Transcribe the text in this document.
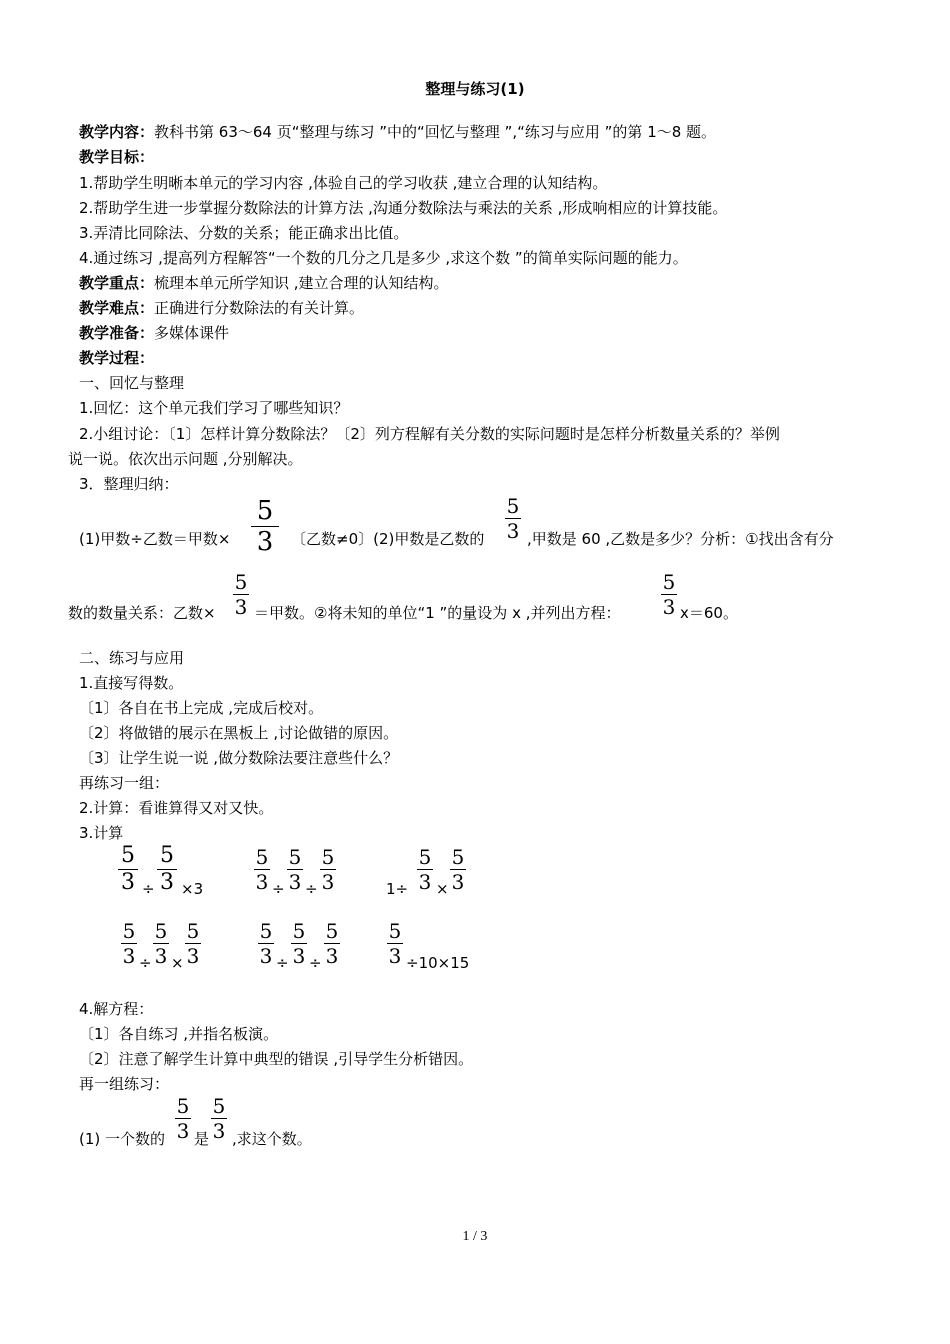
整理与练习(1)
教学内容：教科书第 63～64 页“整理与练习 ”中的“回忆与整理 ”,“练习与应用 ”的第 1～8 题。
教学目标：
1.帮助学生明晰本单元的学习内容 ,体验自己的学习收获 ,建立合理的认知结构。
2.帮助学生进一步掌握分数除法的计算方法 ,沟通分数除法与乘法的关系 ,形成响相应的计算技能。
3.弄清比同除法、分数的关系；能正确求出比值。
4.通过练习 ,提高列方程解答“一个数的几分之几是多少 ,求这个数 ”的简单实际问题的能力。
教学重点：梳理本单元所学知识 ,建立合理的认知结构。
教学难点：正确进行分数除法的有关计算。
教学准备：多媒体课件
教学过程：
一、回忆与整理
1.回忆：这个单元我们学习了哪些知识？
2.小组讨论：〔1〕怎样计算分数除法？〔2〕列方程解有关分数的实际问题时是怎样分析数量关系的？举例
说一说。依次出示问题 ,分别解决。
3．整理归纳：
(1)甲数÷乙数＝甲数×
5
3 〔乙数≠0〕(2)甲数是乙数的
5
3 ,甲数是 60 ,乙数是多少？分析：①找出含有分
数的数量关系：乙数×
5
3 ＝甲数。②将未知的单位“1 ”的量设为 x ,并列出方程：
5
3 x＝60。
二、练习与应用
1.直接写得数。
〔1〕各自在书上完成 ,完成后校对。
〔2〕将做错的展示在黑板上 ,讨论做错的原因。
〔3〕让学生说一说 ,做分数除法要注意些什么？
再练习一组：
2.计算：看谁算得又对又快。
3.计算
5
3 ÷
5
3 ×3
5
3 ÷
5
3 ÷
5
3	1÷
5
3 ×
5
3
5
3 ÷
5
3 ×
5
3
5
3 ÷
5
3 ÷
5
3
5
3 ÷10×15
4.解方程：
〔1〕各自练习 ,并指名板演。
〔2〕注意了解学生计算中典型的错误 ,引导学生分析错因。
再一组练习：
(1) 一个数的
5
3 是
5
3 ,求这个数。
1 / 3
